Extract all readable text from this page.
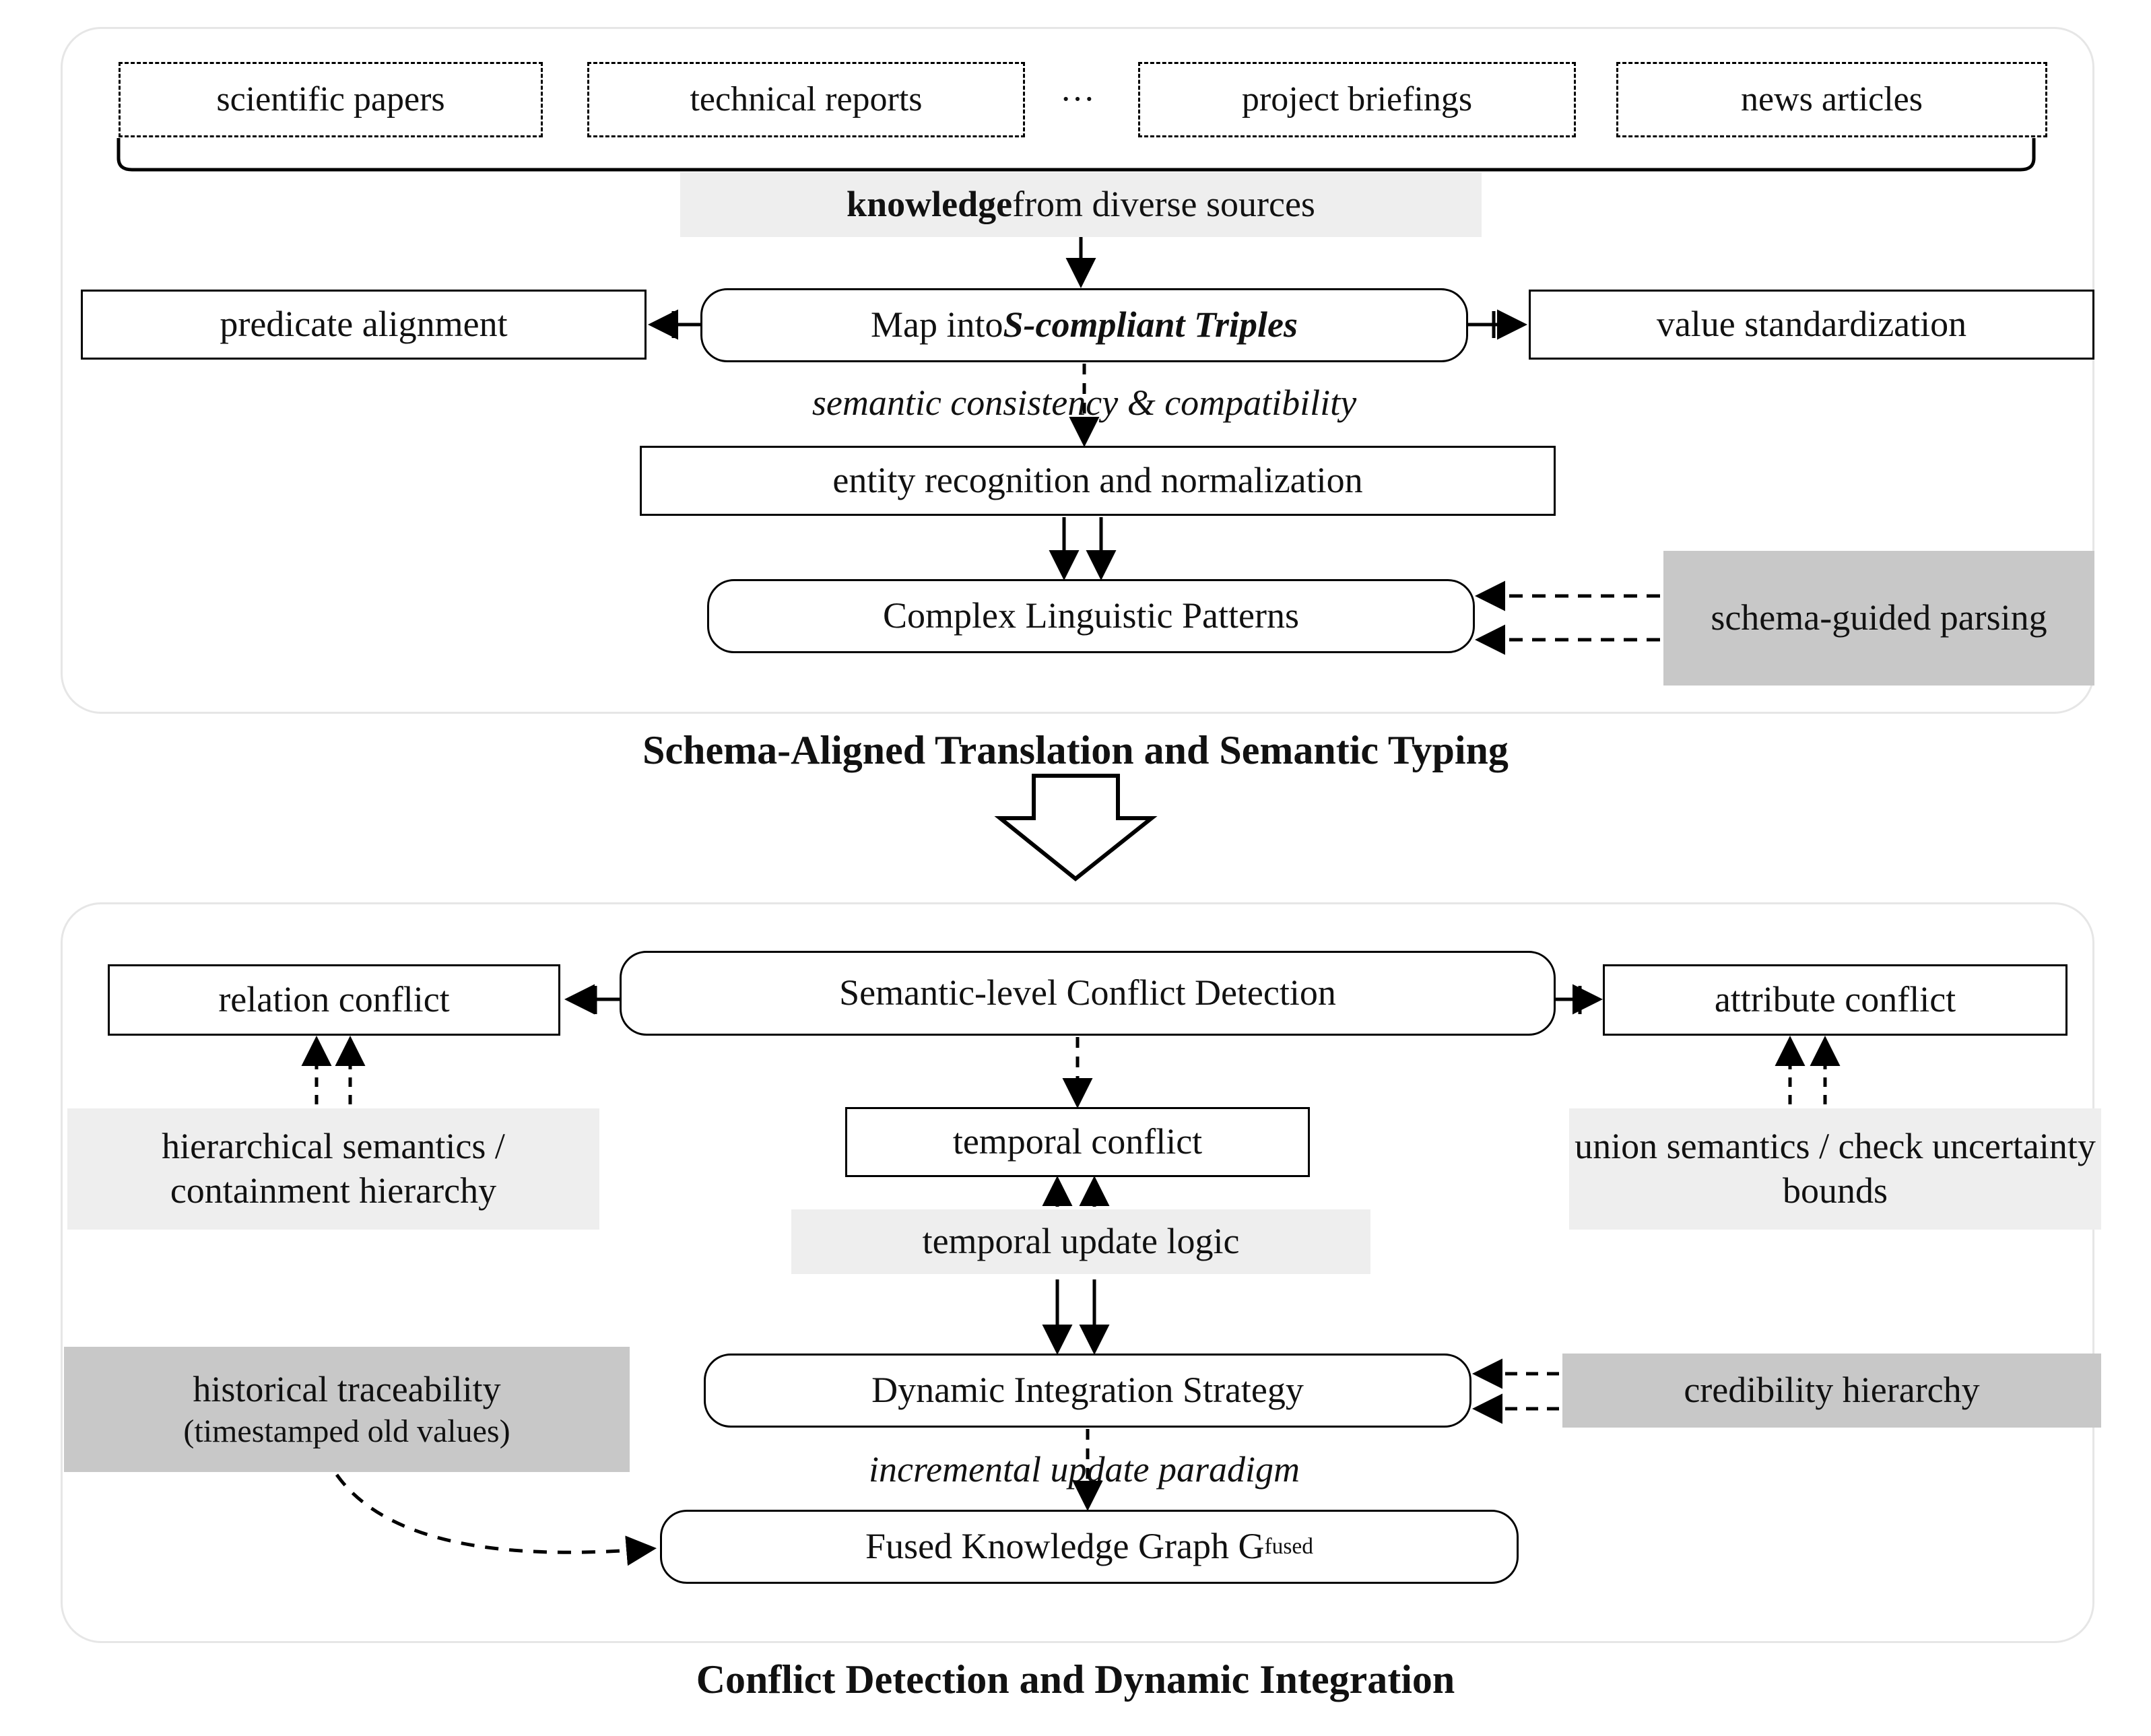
scientific papers	technical reports	···	project briefings	news articles
knowledge from diverse sources
predicate alignment	Map into S-compliant Triples	value standardization
semantic consistency & compatibility
entity recognition and normalization
Complex Linguistic Patterns	schema-guided parsing
Schema-Aligned Translation and Semantic Typing
relation conflict	Semantic-level Conflict Detection	attribute conflict
hierarchical semantics / containment hierarchy
union semantics / check uncertainty bounds
temporal conflict
temporal update logic
Dynamic Integration Strategy	credibility hierarchy
historical traceability
(timestamped old values)
incremental update paradigm
Fused Knowledge Graph G fused
Conflict Detection and Dynamic Integration
